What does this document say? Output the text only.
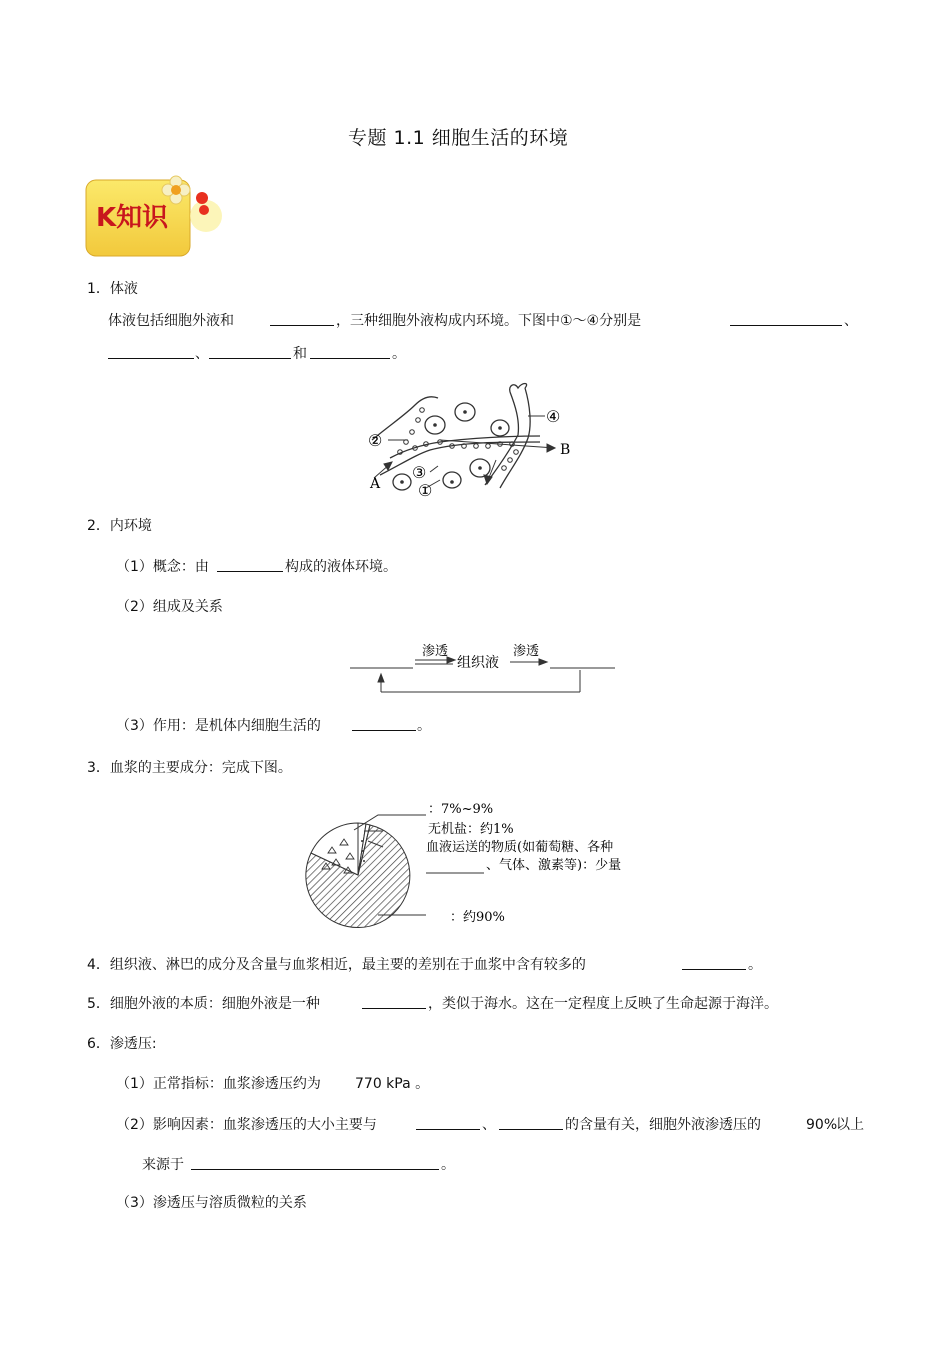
专题 1.1 细胞生活的环境
K知识
1．体液
体液包括细胞外液和	，三种细胞外液构成内环境。下图中①～④分别是	、
、	和	。
B
A
②
④
③
①
2．内环境
（1）概念：由	构成的液体环境。
（2）组成及关系
渗透
组织液
渗透
（3）作用：是机体内细胞生活的	。
3．血浆的主要成分：完成下图。
：7%~9%
无机盐：约1%
血液运送的物质(如葡萄糖、各种
、气体、激素等)：少量
：约90%
4．组织液、淋巴的成分及含量与血浆相近，最主要的差别在于血浆中含有较多的	。
5．细胞外液的本质：细胞外液是一种	，类似于海水。这在一定程度上反映了生命起源于海洋。
6．渗透压:
（1）正常指标：血浆渗透压约为 770 kPa 。
（2）影响因素：血浆渗透压的大小主要与	、	的含量有关，细胞外液渗透压的	90%
以上
来源于	。
（3）渗透压与溶质微粒的关系
